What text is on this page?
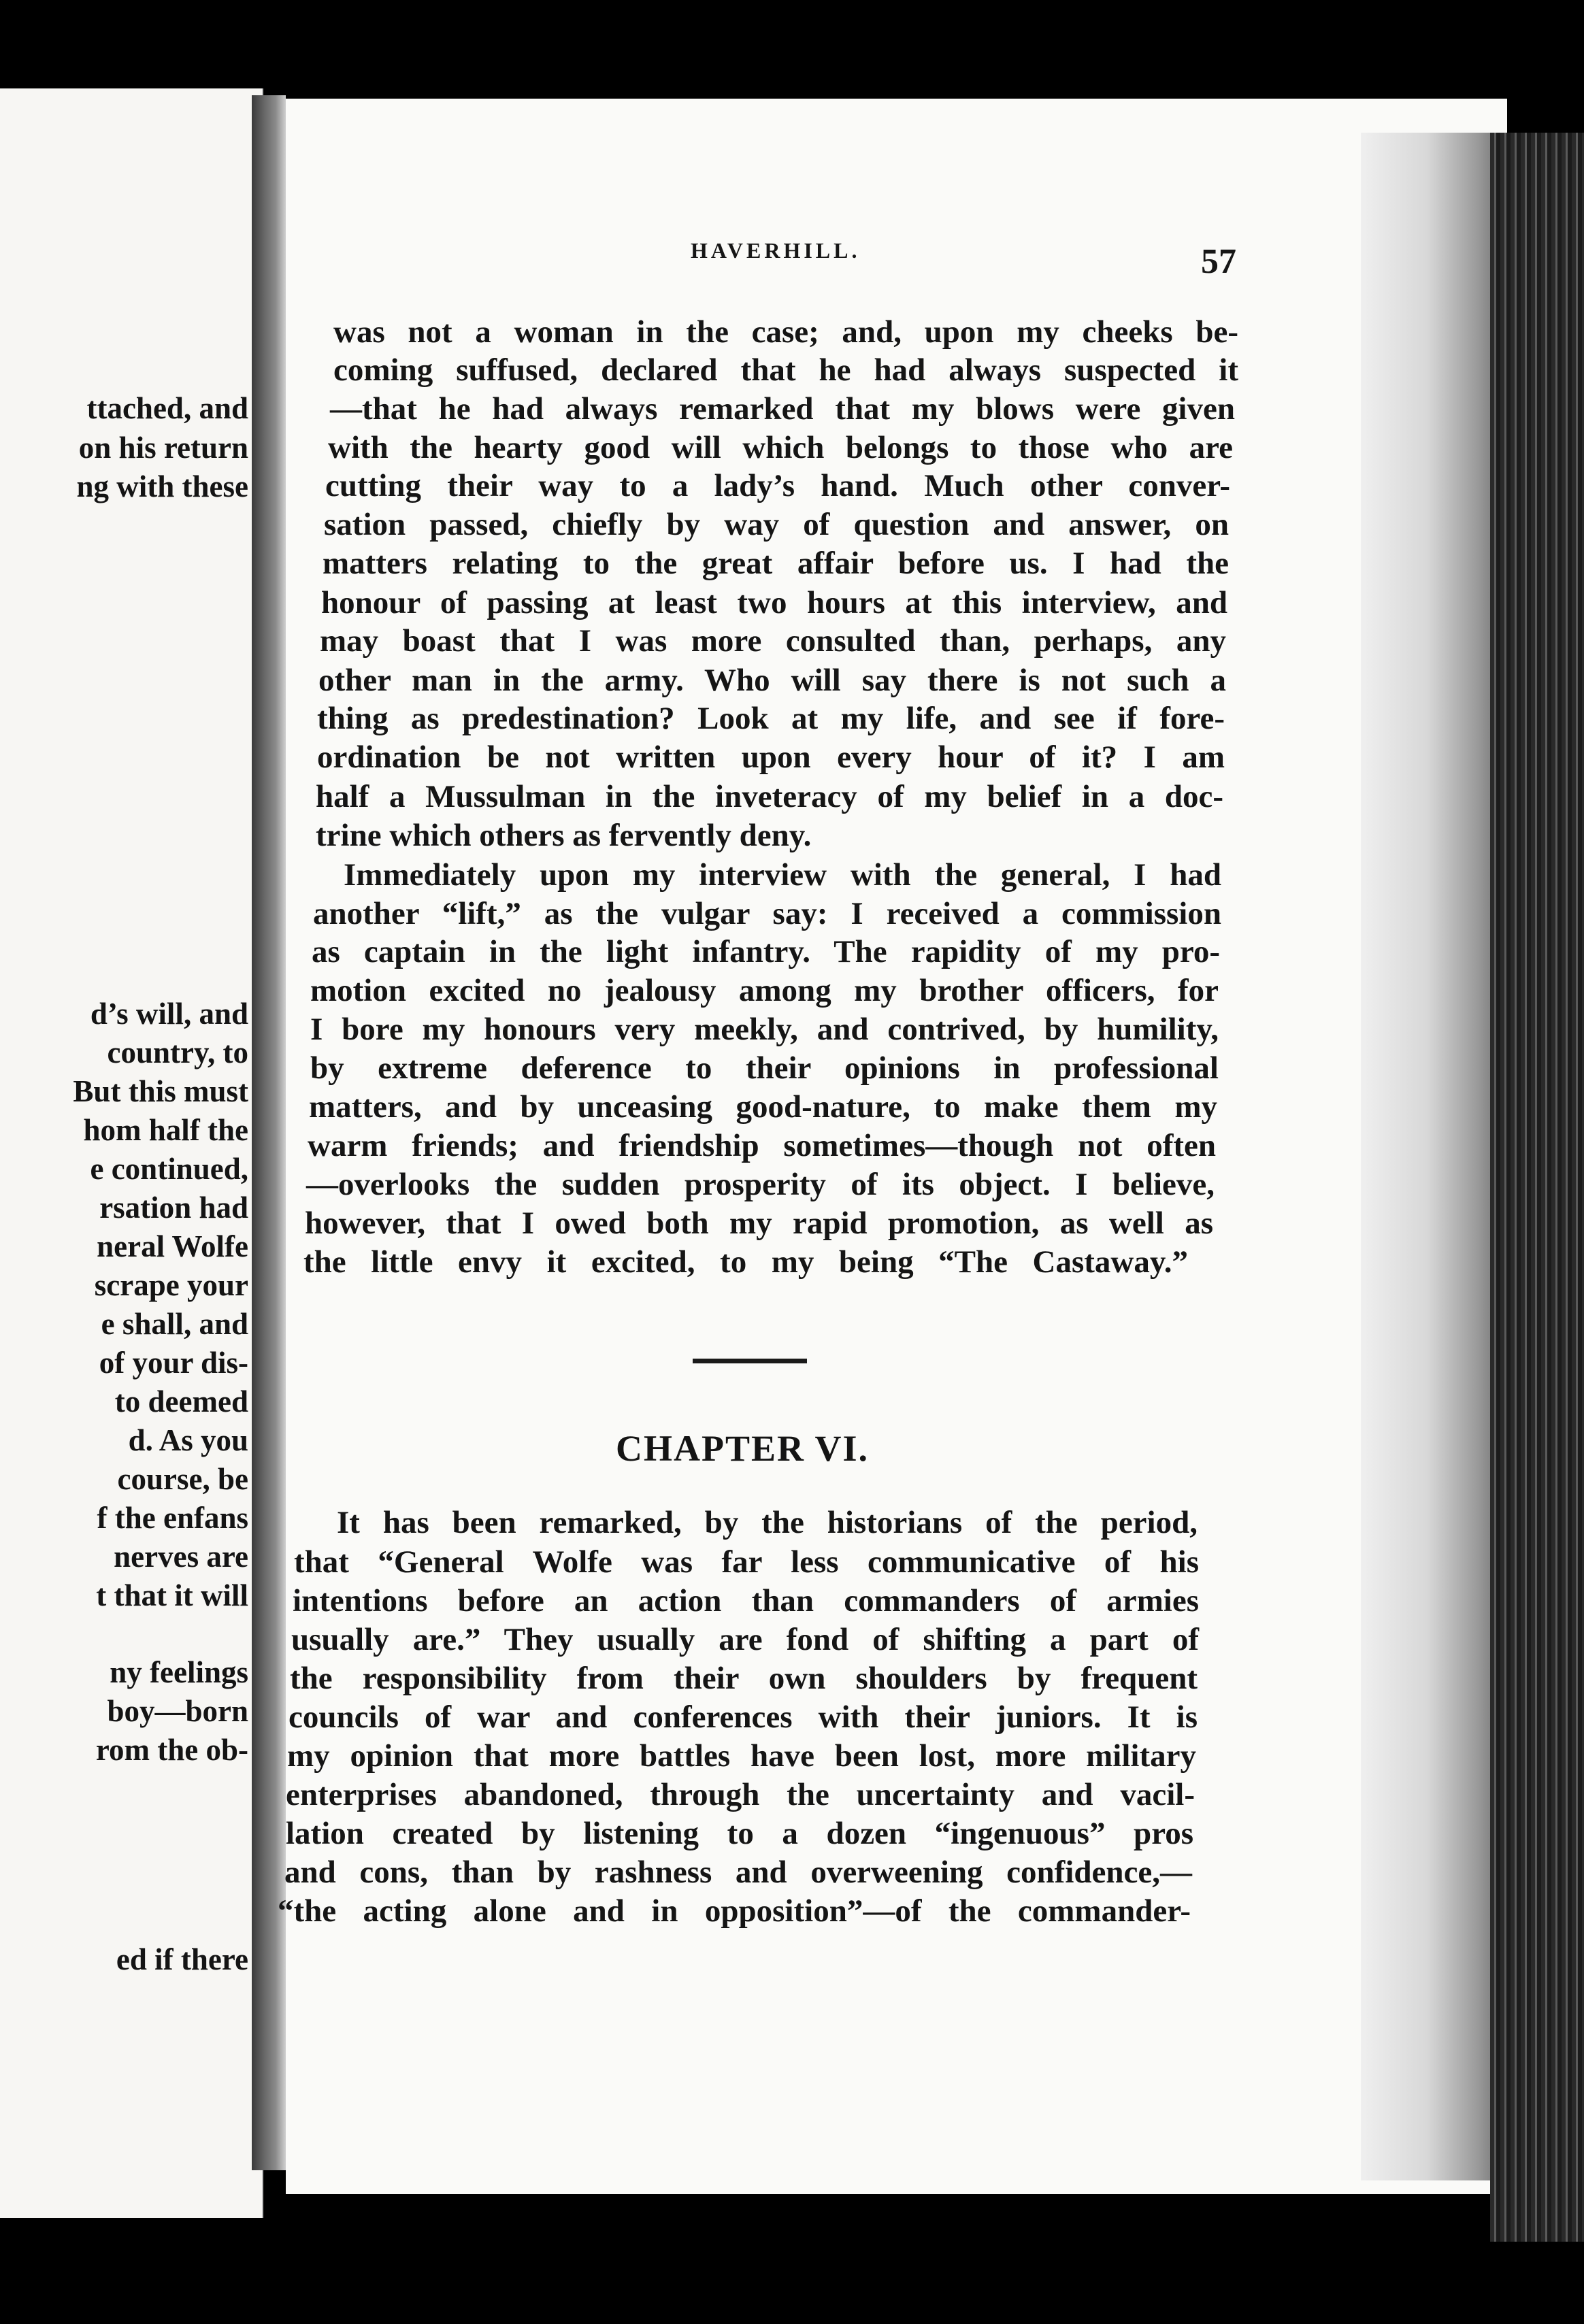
ttached, and
on his return
ng with these
d’s will, and
country, to
But this must
hom half the
e continued,
rsation had
neral Wolfe
scrape your
e shall, and
of your dis-
to deemed
d. As you
course, be
f the enfans
nerves are
t that it will
ny feelings
boy—born
rom the ob-
ed if there
HAVERHILL.	57
was not a woman in the case; and, upon my cheeks be-
coming suffused, declared that he had always suspected it
—that he had always remarked that my blows were given
with the hearty good will which belongs to those who are
cutting their way to a lady’s hand. Much other conver-
sation passed, chiefly by way of question and answer, on
matters relating to the great affair before us. I had the
honour of passing at least two hours at this interview, and
may boast that I was more consulted than, perhaps, any
other man in the army. Who will say there is not such a
thing as predestination? Look at my life, and see if fore-
ordination be not written upon every hour of it? I am
half a Mussulman in the inveteracy of my belief in a doc-
trine which others as fervently deny.
Immediately upon my interview with the general, I had
another “lift,” as the vulgar say: I received a commission
as captain in the light infantry. The rapidity of my pro-
motion excited no jealousy among my brother officers, for
I bore my honours very meekly, and contrived, by humility,
by extreme deference to their opinions in professional
matters, and by unceasing good-nature, to make them my
warm friends; and friendship sometimes—though not often
—overlooks the sudden prosperity of its object. I believe,
however, that I owed both my rapid promotion, as well as
the little envy it excited, to my being “The Castaway.”
CHAPTER VI.
It has been remarked, by the historians of the period,
that “General Wolfe was far less communicative of his
intentions before an action than commanders of armies
usually are.” They usually are fond of shifting a part of
the responsibility from their own shoulders by frequent
councils of war and conferences with their juniors. It is
my opinion that more battles have been lost, more military
enterprises abandoned, through the uncertainty and vacil-
lation created by listening to a dozen “ingenuous” pros
and cons, than by rashness and overweening confidence,—
“the acting alone and in opposition”—of the commander-
